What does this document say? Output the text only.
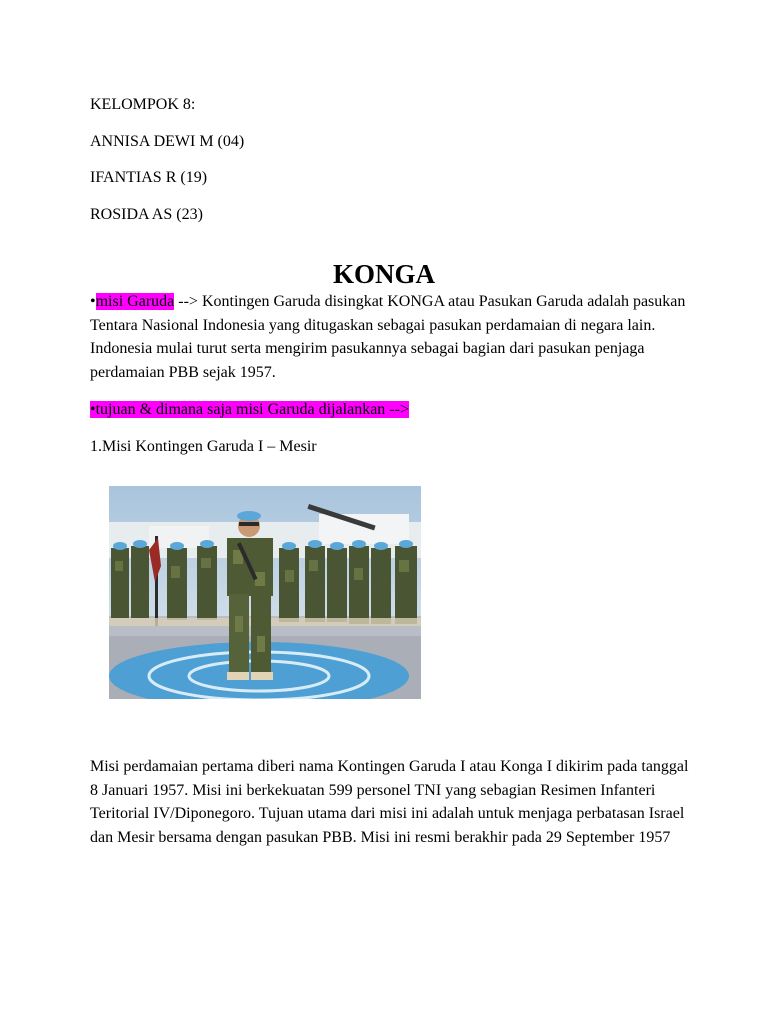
KELOMPOK 8:
ANNISA DEWI M (04)
IFANTIAS R (19)
ROSIDA AS (23)
KONGA
•misi Garuda --> Kontingen Garuda disingkat KONGA atau Pasukan Garuda adalah pasukan Tentara Nasional Indonesia yang ditugaskan sebagai pasukan perdamaian di negara lain. Indonesia mulai turut serta mengirim pasukannya sebagai bagian dari pasukan penjaga perdamaian PBB sejak 1957.
•tujuan & dimana saja misi Garuda dijalankan -->
1.Misi Kontingen Garuda I – Mesir
Misi perdamaian pertama diberi nama Kontingen Garuda I atau Konga I dikirim pada tanggal 8 Januari 1957. Misi ini berkekuatan 599 personel TNI yang sebagian Resimen Infanteri Teritorial IV/Diponegoro. Tujuan utama dari misi ini adalah untuk menjaga perbatasan Israel dan Mesir bersama dengan pasukan PBB. Misi ini resmi berakhir pada 29 September 1957
